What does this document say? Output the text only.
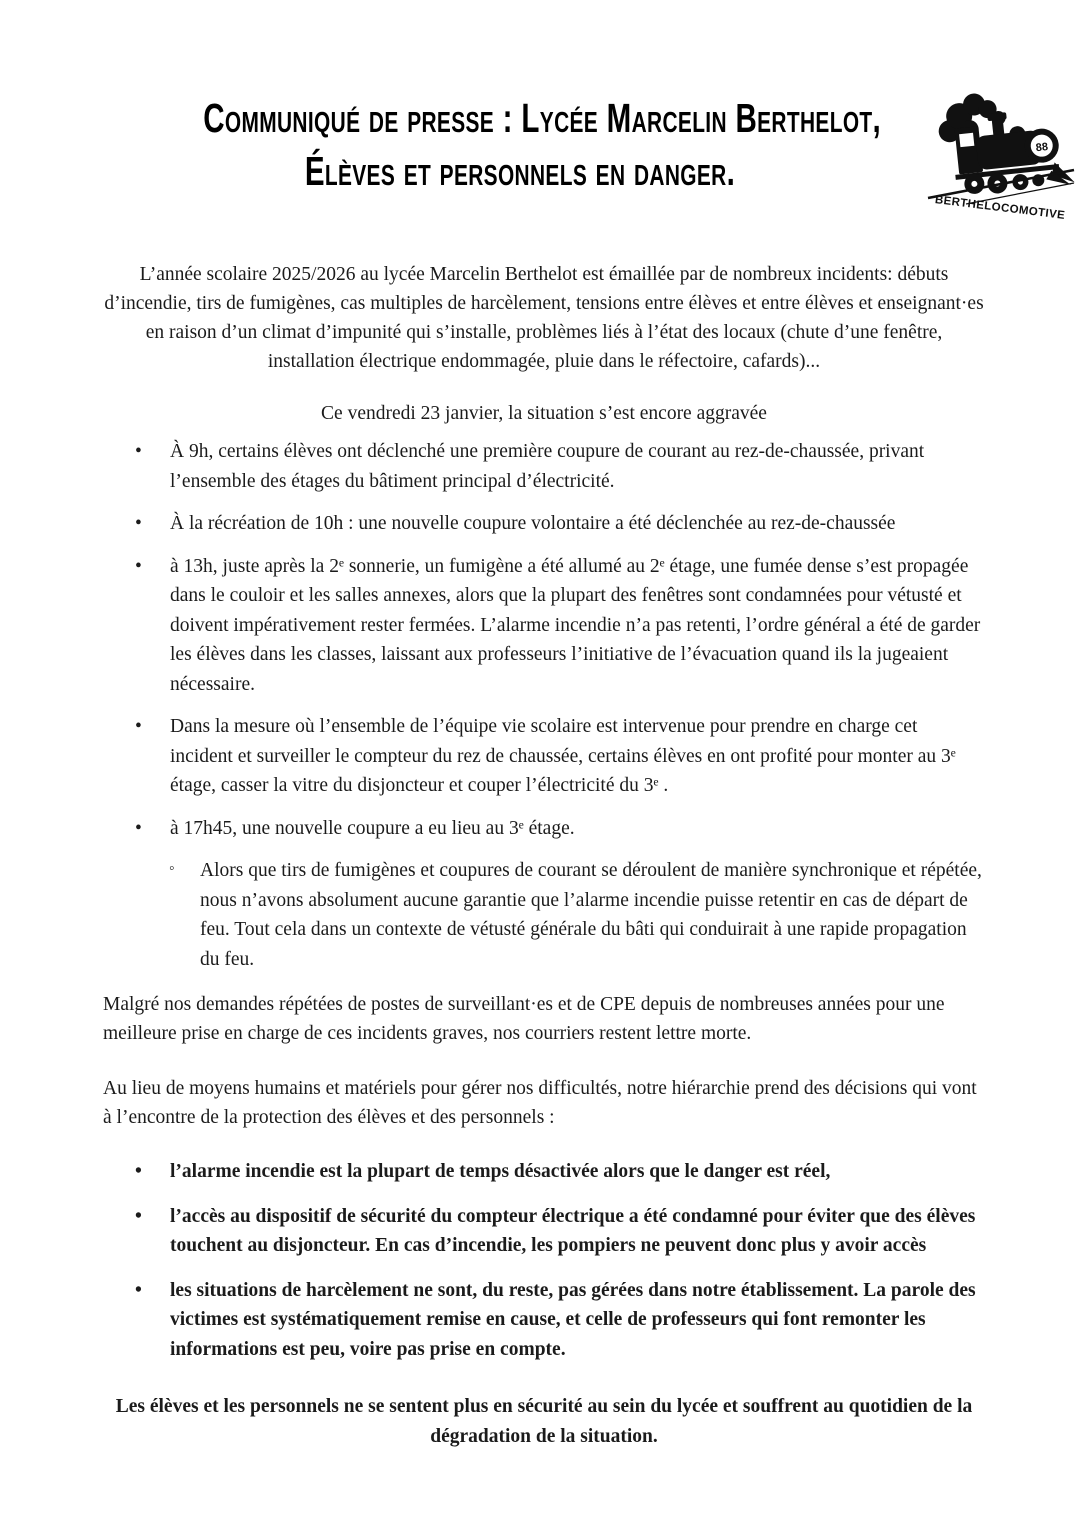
Communiqué de presse : Lycée Marcelin Berthelot,
Élèves et personnels en danger.
88
BERTHELOCOMOTIVE

L’année scolaire 2025/2026 au lycée Marcelin Berthelot est émaillée par de nombreux incidents: débuts d’incendie, tirs de fumigènes, cas multiples de harcèlement, tensions entre élèves et entre élèves et enseignant·es en raison d’un climat d’impunité qui s’installe, problèmes liés à l’état des locaux (chute d’une fenêtre, installation électrique endommagée, pluie dans le réfectoire, cafards)...

Ce vendredi 23 janvier, la situation s’est encore aggravée

• À 9h, certains élèves ont déclenché une première coupure de courant au rez-de-chaussée, privant l’ensemble des étages du bâtiment principal d’électricité.
• À la récréation de 10h : une nouvelle coupure volontaire a été déclenchée au rez-de-chaussée
• à 13h, juste après la 2ᵉ sonnerie, un fumigène a été allumé au 2ᵉ étage, une fumée dense s’est propagée dans le couloir et les salles annexes, alors que la plupart des fenêtres sont condamnées pour vétusté et doivent impérativement rester fermées. L’alarme incendie n’a pas retenti, l’ordre général a été de garder les élèves dans les classes, laissant aux professeurs l’initiative de l’évacuation quand ils la jugeaient nécessaire.
• Dans la mesure où l’ensemble de l’équipe vie scolaire est intervenue pour prendre en charge cet incident et surveiller le compteur du rez de chaussée, certains élèves en ont profité pour monter au 3ᵉ étage, casser la vitre du disjoncteur et couper l’électricité du 3ᵉ .
• à 17h45, une nouvelle coupure a eu lieu au 3ᵉ étage.
◦ Alors que tirs de fumigènes et coupures de courant se déroulent de manière synchronique et répétée, nous n’avons absolument aucune garantie que l’alarme incendie puisse retentir en cas de départ de feu. Tout cela dans un contexte de vétusté générale du bâti qui conduirait à une rapide propagation du feu.

Malgré nos demandes répétées de postes de surveillant·es et de CPE depuis de nombreuses années pour une meilleure prise en charge de ces incidents graves, nos courriers restent lettre morte.

Au lieu de moyens humains et matériels pour gérer nos difficultés, notre hiérarchie prend des décisions qui vont à l’encontre de la protection des élèves et des personnels :

• l’alarme incendie est la plupart de temps désactivée alors que le danger est réel,
• l’accès au dispositif de sécurité du compteur électrique a été condamné pour éviter que des élèves touchent au disjoncteur. En cas d’incendie, les pompiers ne peuvent donc plus y avoir accès
• les situations de harcèlement ne sont, du reste, pas gérées dans notre établissement. La parole des victimes est systématiquement remise en cause, et celle de professeurs qui font remonter les informations est peu, voire pas prise en compte.

Les élèves et les personnels ne se sentent plus en sécurité au sein du lycée et souffrent au quotidien de la dégradation de la situation.
